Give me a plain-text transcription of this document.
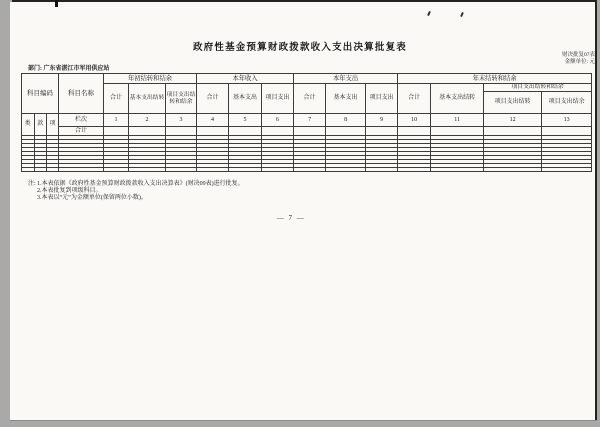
政府性基金预算财政拨款收入支出决算批复表
财决批复07表
金额单位: 元
部门: 广东省湛江市军用供应站
科目编码			科目名称	年初结转和结余			本年收入			本年支出			年末结转和结余			
				合计	基本支出结转	项目支出结转和结余	合计	基本支出	项目支出	合计	基本支出	项目支出	合计	基本支出结转	项目支出结转和结余	
															项目支出结转	项目支出结余
类	款	项	栏次	1	2	3	4	5	6	7	8	9	10	11	12	13
			合计													

注: 1.本表依据《政府性基金预算财政拨款收入支出决算表》(财决09表)进行批复。
2.本表批复到项级科目。
3.本表以“元”为金额单位(保留两位小数)。
— 7 —
